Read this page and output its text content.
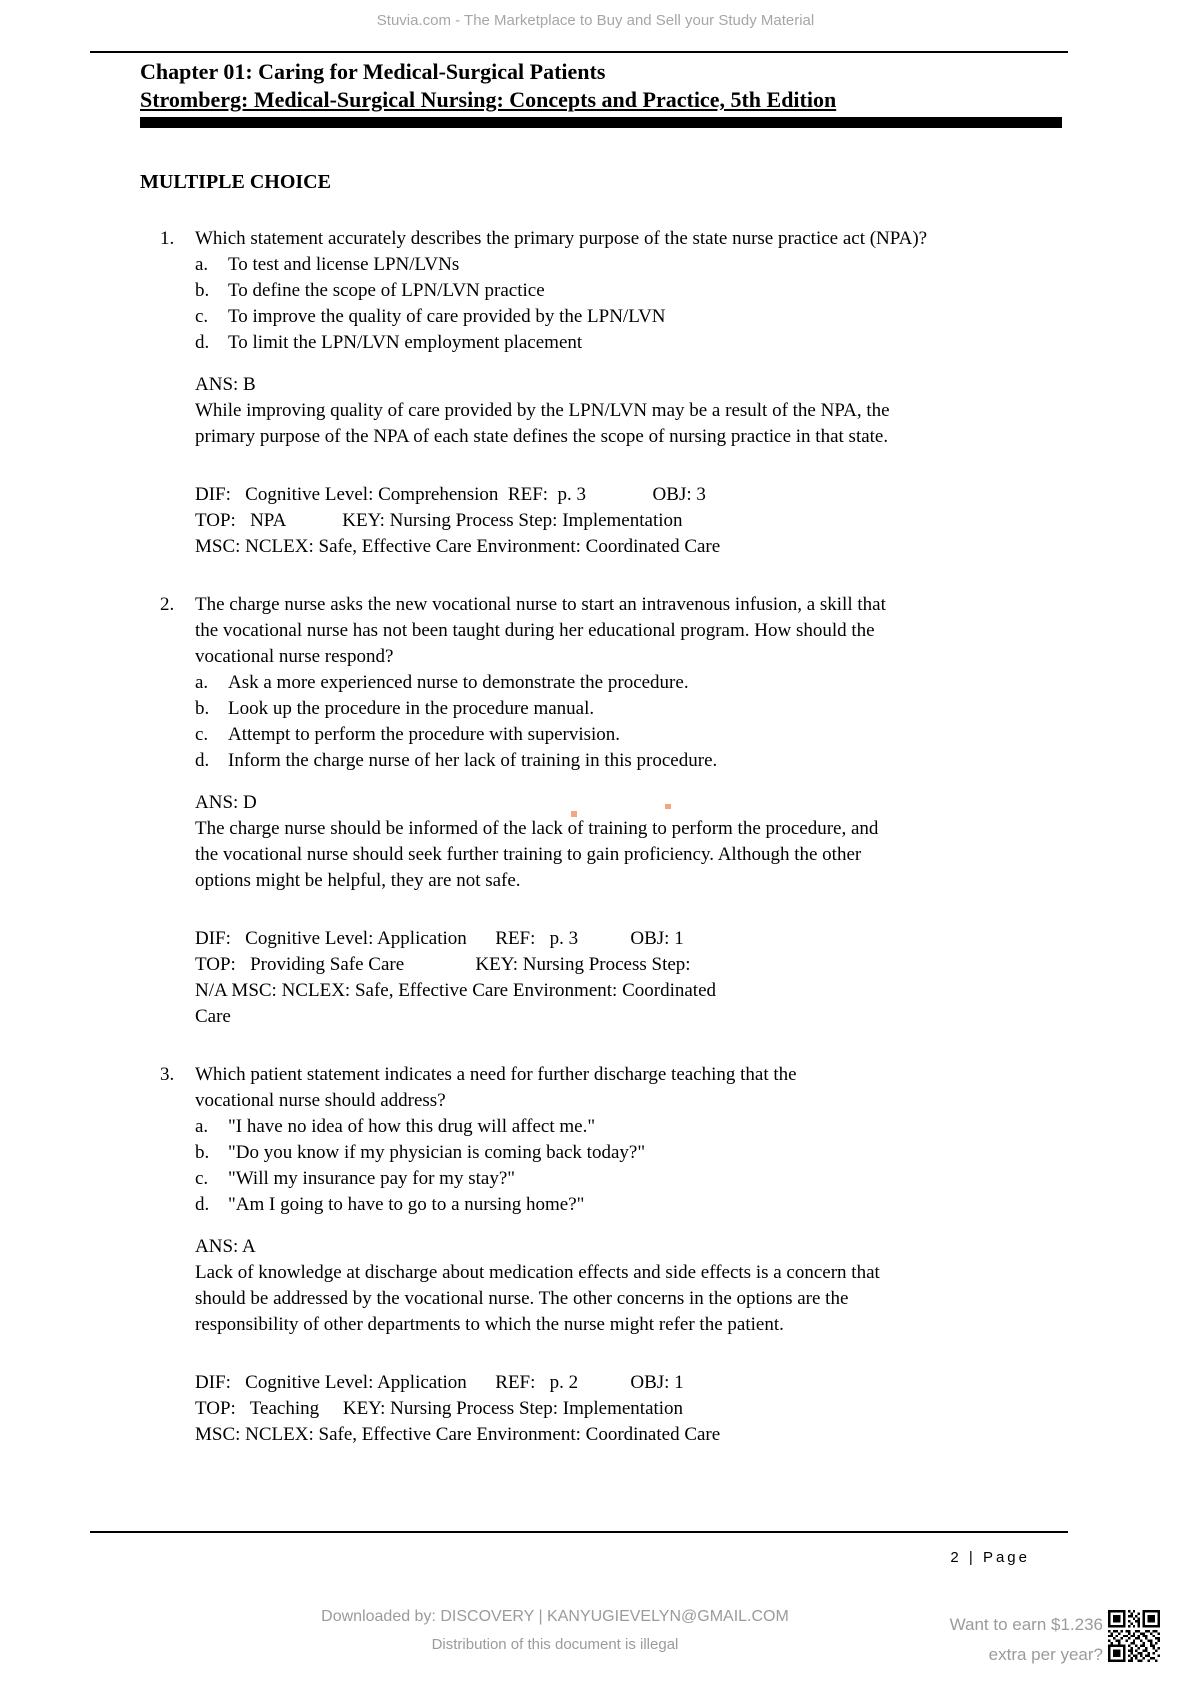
Stuvia.com - The Marketplace to Buy and Sell your Study Material
Chapter 01: Caring for Medical-Surgical Patients
Stromberg: Medical-Surgical Nursing: Concepts and Practice, 5th Edition
MULTIPLE CHOICE
1.	Which statement accurately describes the primary purpose of the state nurse practice act (NPA)?
a.	To test and license LPN/LVNs
b. To define the scope of LPN/LVN practice
c.	To improve the quality of care provided by the LPN/LVN
d. To limit the LPN/LVN employment placement
ANS: B
While improving quality of care provided by the LPN/LVN may be a result of the NPA, the
primary purpose of the NPA of each state defines the scope of nursing practice in that state.
DIF:   Cognitive Level: Comprehension  REF:  p. 3              OBJ: 3
TOP:   NPA            KEY: Nursing Process Step: Implementation
MSC: NCLEX: Safe, Effective Care Environment: Coordinated Care
2.	The charge nurse asks the new vocational nurse to start an intravenous infusion, a skill that
the vocational nurse has not been taught during her educational program. How should the
vocational nurse respond?
a.	Ask a more experienced nurse to demonstrate the procedure.
b. Look up the procedure in the procedure manual.
c.	Attempt to perform the procedure with supervision.
d. Inform the charge nurse of her lack of training in this procedure.
ANS: D
The charge nurse should be informed of the lack of training to perform the procedure, and
the vocational nurse should seek further training to gain proficiency. Although the other
options might be helpful, they are not safe.
DIF:   Cognitive Level: Application      REF:   p. 3           OBJ: 1
TOP:   Providing Safe Care               KEY: Nursing Process Step:
N/A MSC: NCLEX: Safe, Effective Care Environment: Coordinated
Care
3.	Which patient statement indicates a need for further discharge teaching that the
vocational nurse should address?
a.	"I have no idea of how this drug will affect me."
b. "Do you know if my physician is coming back today?"
c.	"Will my insurance pay for my stay?"
d. "Am I going to have to go to a nursing home?"
ANS: A
Lack of knowledge at discharge about medication effects and side effects is a concern that
should be addressed by the vocational nurse. The other concerns in the options are the
responsibility of other departments to which the nurse might refer the patient.
DIF:   Cognitive Level: Application      REF:   p. 2           OBJ: 1
TOP:   Teaching     KEY: Nursing Process Step: Implementation
MSC: NCLEX: Safe, Effective Care Environment: Coordinated Care
2 | Page
Downloaded by: DISCOVERY | KANYUGIEVELYN@GMAIL.COM
Distribution of this document is illegal
Want to earn $1.236
extra per year?
